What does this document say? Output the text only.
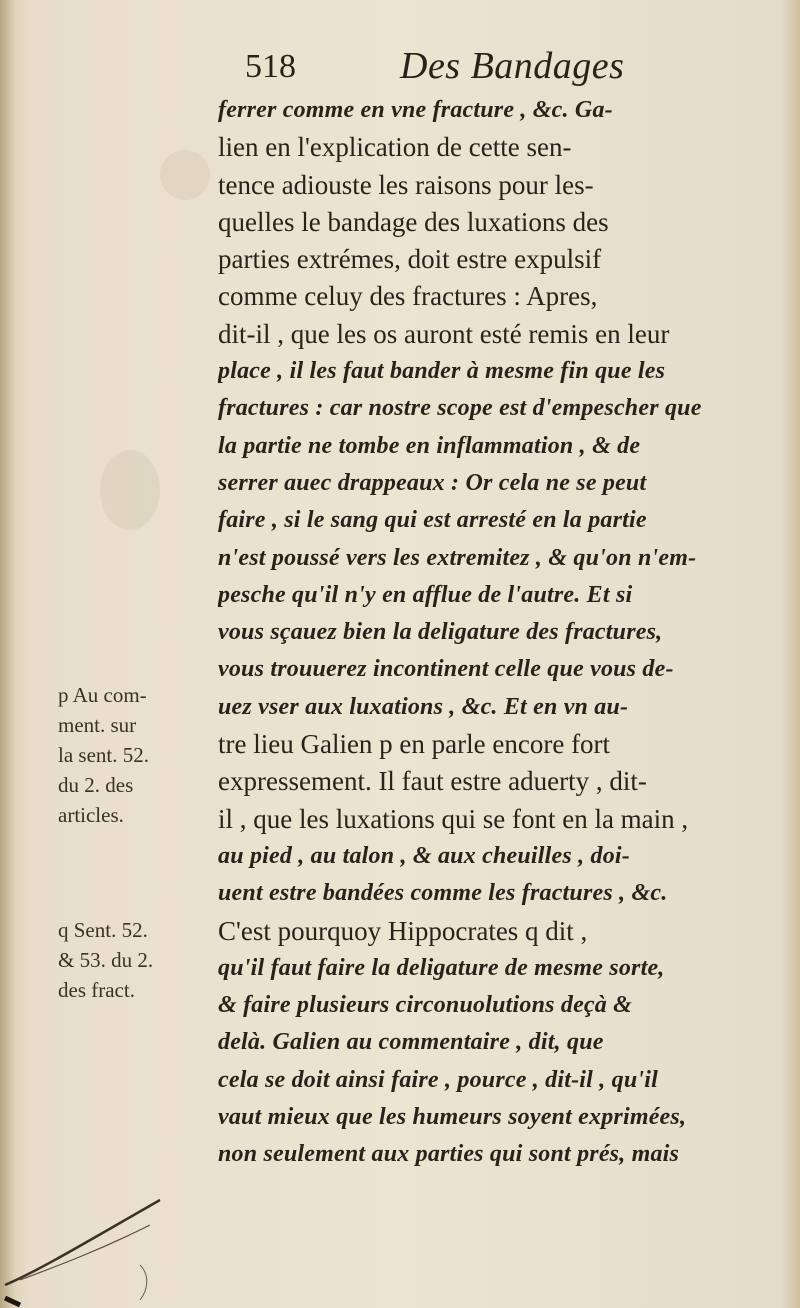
518	Des Bandages
ferrer comme en vne fracture , &c. Ga-
lien en l'explication de cette sen-
tence adiouste les raisons pour les-
quelles le bandage des luxations des
parties extrémes, doit estre expulsif
comme celuy des fractures : Apres,
dit-il , que les os auront esté remis en leur
place , il les faut bander à mesme fin que les
fractures : car nostre scope est d'empescher que
la partie ne tombe en inflammation , & de
serrer auec drappeaux : Or cela ne se peut
faire , si le sang qui est arresté en la partie
n'est poussé vers les extremitez , & qu'on n'em-
pesche qu'il n'y en afflue de l'autre. Et si
vous sçauez bien la deligature des fractures,
vous trouuerez incontinent celle que vous de-
uez vser aux luxations , &c. Et en vn au-
tre lieu Galien p en parle encore fort
expressement. Il faut estre aduerty , dit-
il , que les luxations qui se font en la main ,
au pied , au talon , & aux cheuilles , doi-
uent estre bandées comme les fractures , &c.
C'est pourquoy Hippocrates q dit ,
qu'il faut faire la deligature de mesme sorte,
& faire plusieurs circonuolutions deçà &
delà. Galien au commentaire , dit, que
cela se doit ainsi faire , pource , dit-il , qu'il
vaut mieux que les humeurs soyent exprimées,
non seulement aux parties qui sont prés, mais
p Au com-
ment. sur
la sent. 52.
du 2. des
articles.
q Sent. 52.
& 53. du 2.
des fract.
